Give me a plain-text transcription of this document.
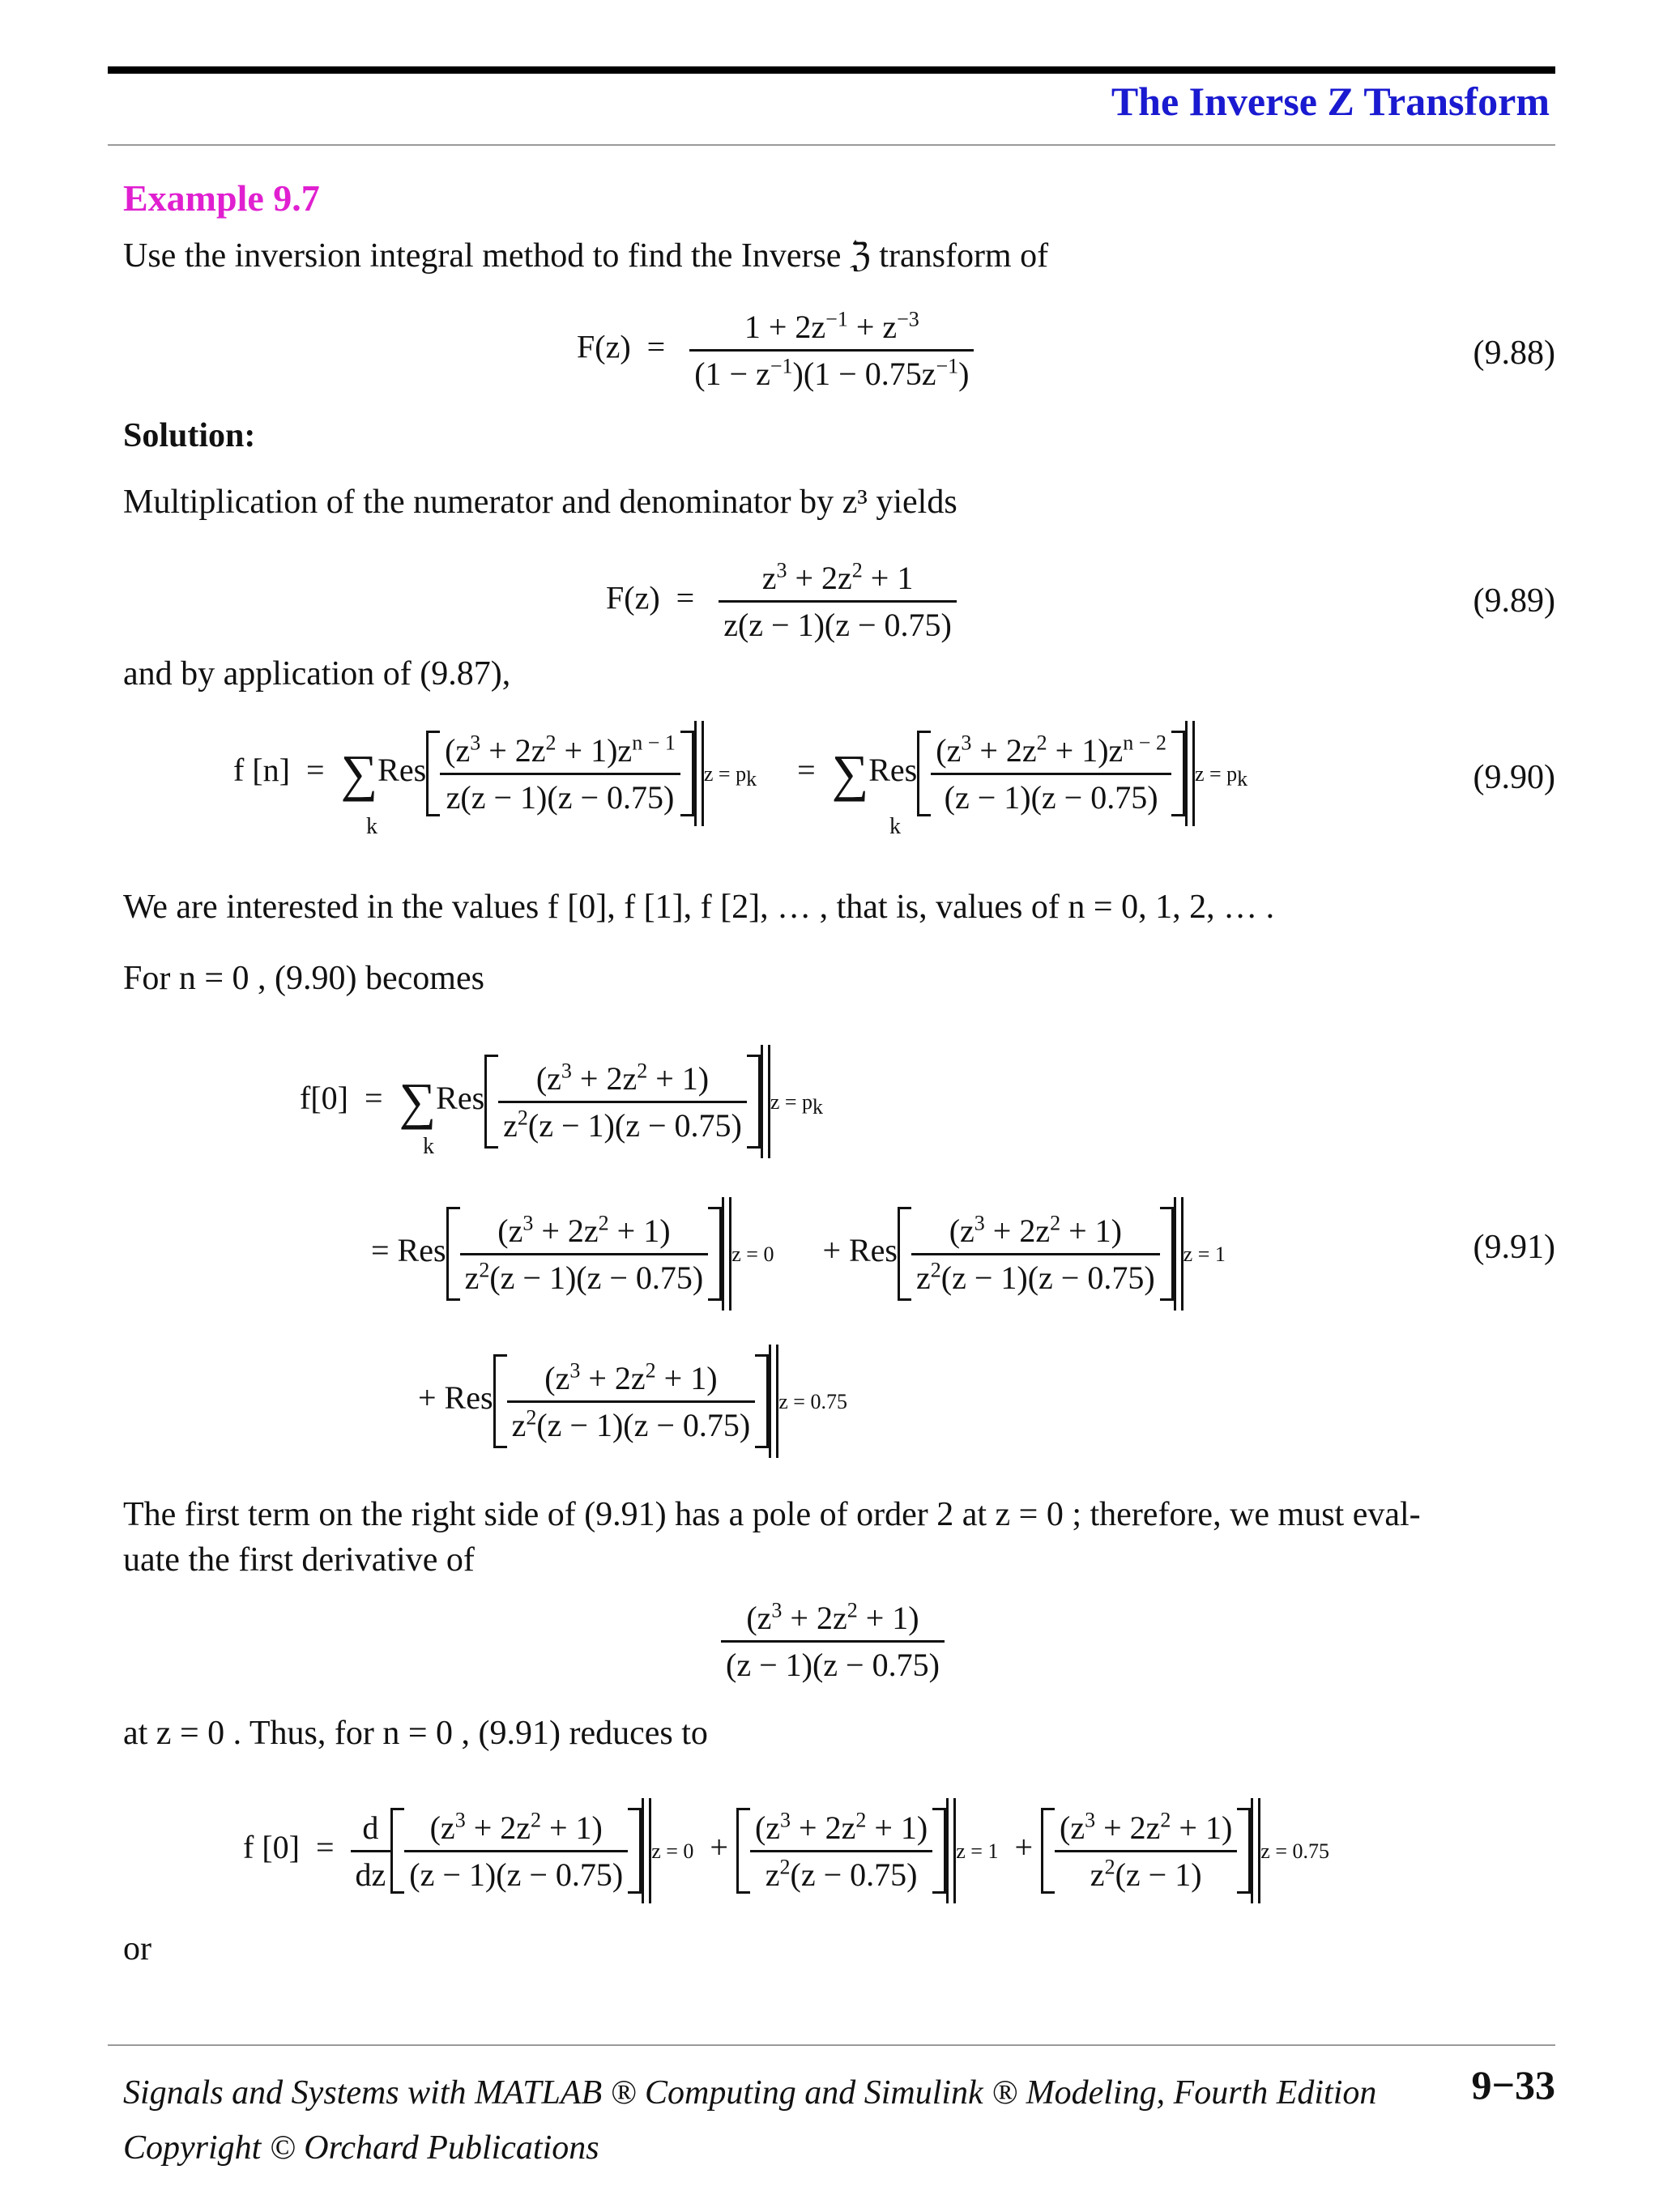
The Inverse Z Transform
Example 9.7
Use the inversion integral method to find the Inverse ℨ transform of
$F(z) = \frac{1 + 2z^{-1} + z^{-3}}{(1 - z^{-1})(1 - 0.75z^{-1})}$	(9.88)
Solution:
Multiplication of the numerator and denominator by z³ yields
$F(z) = \frac{z^3 + 2z^2 + 1}{z(z - 1)(z - 0.75)}$	(9.89)
and by application of (9.87),
f $[n] = \sum Res \frac{(z^3 + 2z^2 + 1)z^{n - 1}}{z(z - 1)(z - 0.75)}$ $z = p_k$     =  $\sum Res \frac{(z^3 + 2z^2 + 1)z^{n - 2}}{(z - 1)(z - 0.75)}$ $z = p_k$
k	k
(9.90)
We are interested in the values f [0], f [1], f [2], … , that is, values of n = 0, 1, 2, … .
For n = 0 , (9.90) becomes
$f[0] = \sum Res \frac{(z^3 + 2z^2 + 1)}{z^2(z - 1)(z - 0.75)}$ $z = p_k$
k
= Res $\frac{(z^3 + 2z^2 + 1)}{z^2(z - 1)(z - 0.75)}$ z = 0      + Res $\frac{(z^3 + 2z^2 + 1)}{z^2(z - 1)(z - 0.75)}$ z = 1	(9.91)
+ Res $\frac{(z^3 + 2z^2 + 1)}{z^2(z - 1)(z - 0.75)}$ z = 0.75
The first term on the right side of (9.91) has a pole of order 2 at z = 0 ; therefore, we must eval-
uate the first derivative of
$\frac{(z^3 + 2z^2 + 1)}{(z - 1)(z - 0.75)}$
at z = 0 . Thus, for n = 0 , (9.91) reduces to
f $[0] = \frac{d}{dz} \frac{(z^3 + 2z^2 + 1)}{(z - 1)(z - 0.75)}$ $z = 0 + \frac{(z^3 + 2z^2 + 1)}{z^2(z - 0.75)}$ $z = 1 + \frac{(z^3 + 2z^2 + 1)}{z^2(z - 1)}$ z = 0.75
or
Signals and Systems with MATLAB ® Computing and Simulink ® Modeling, Fourth Edition
Copyright © Orchard Publications
9−33
